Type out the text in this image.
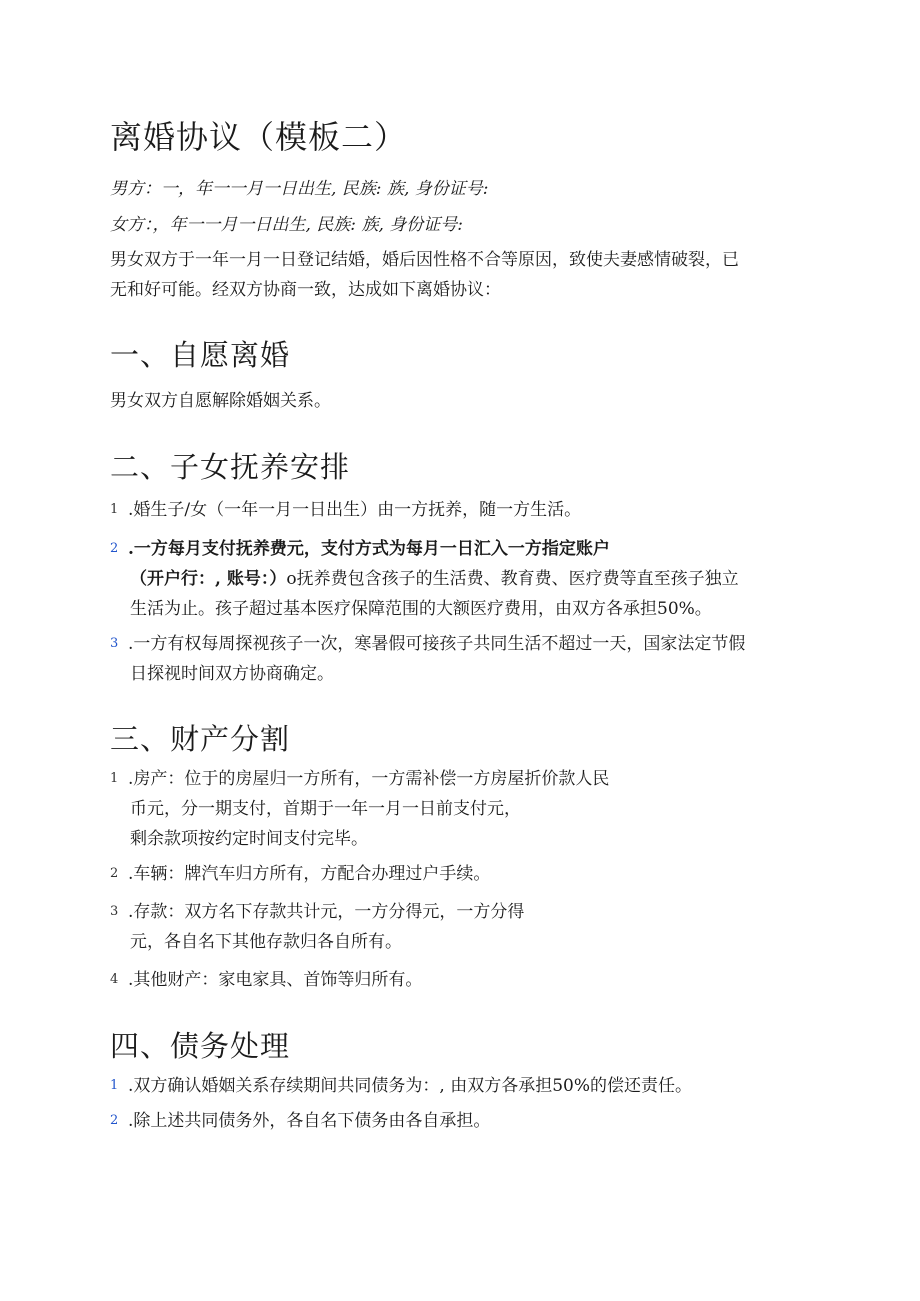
离婚协议（模板二）

男方：一，年一一月一日出生, 民族: 族, 身份证号:

女方：，年一一月一日出生, 民族: 族, 身份证号:

男女双方于一年一月一日登记结婚，婚后因性格不合等原因，致使夫妻感情破裂，已
无和好可能。经双方协商一致，达成如下离婚协议：
一、自愿离婚

男女双方自愿解除婚姻关系。

二、子女抚养安排
1 .婚生子/女（一年一月一日出生）由一方抚养，随一方生活。
2 .一方每月支付抚养费元，支付方式为每月一日汇入一方指定账户
（开户行：, 账号：）o抚养费包含孩子的生活费、教育费、医疗费等直至孩子独立
生活为止。孩子超过基本医疗保障范围的大额医疗费用，由双方各承担50%。
3 .一方有权每周探视孩子一次，寒暑假可接孩子共同生活不超过一天，国家法定节假
日探视时间双方协商确定。
三、财产分割
1 .房产：位于的房屋归一方所有，一方需补偿一方房屋折价款人民
币元，分一期支付，首期于一年一月一日前支付元，
剩余款项按约定时间支付完毕。
2 .车辆：牌汽车归方所有，方配合办理过户手续。
3 .存款：双方名下存款共计元，一方分得元，一方分得
元，各自名下其他存款归各自所有。
4 .其他财产：家电家具、首饰等归所有。
四、债务处理
1 .双方确认婚姻关系存续期间共同债务为：, 由双方各承担50%的偿还责任。
2 .除上述共同债务外，各自名下债务由各自承担。
